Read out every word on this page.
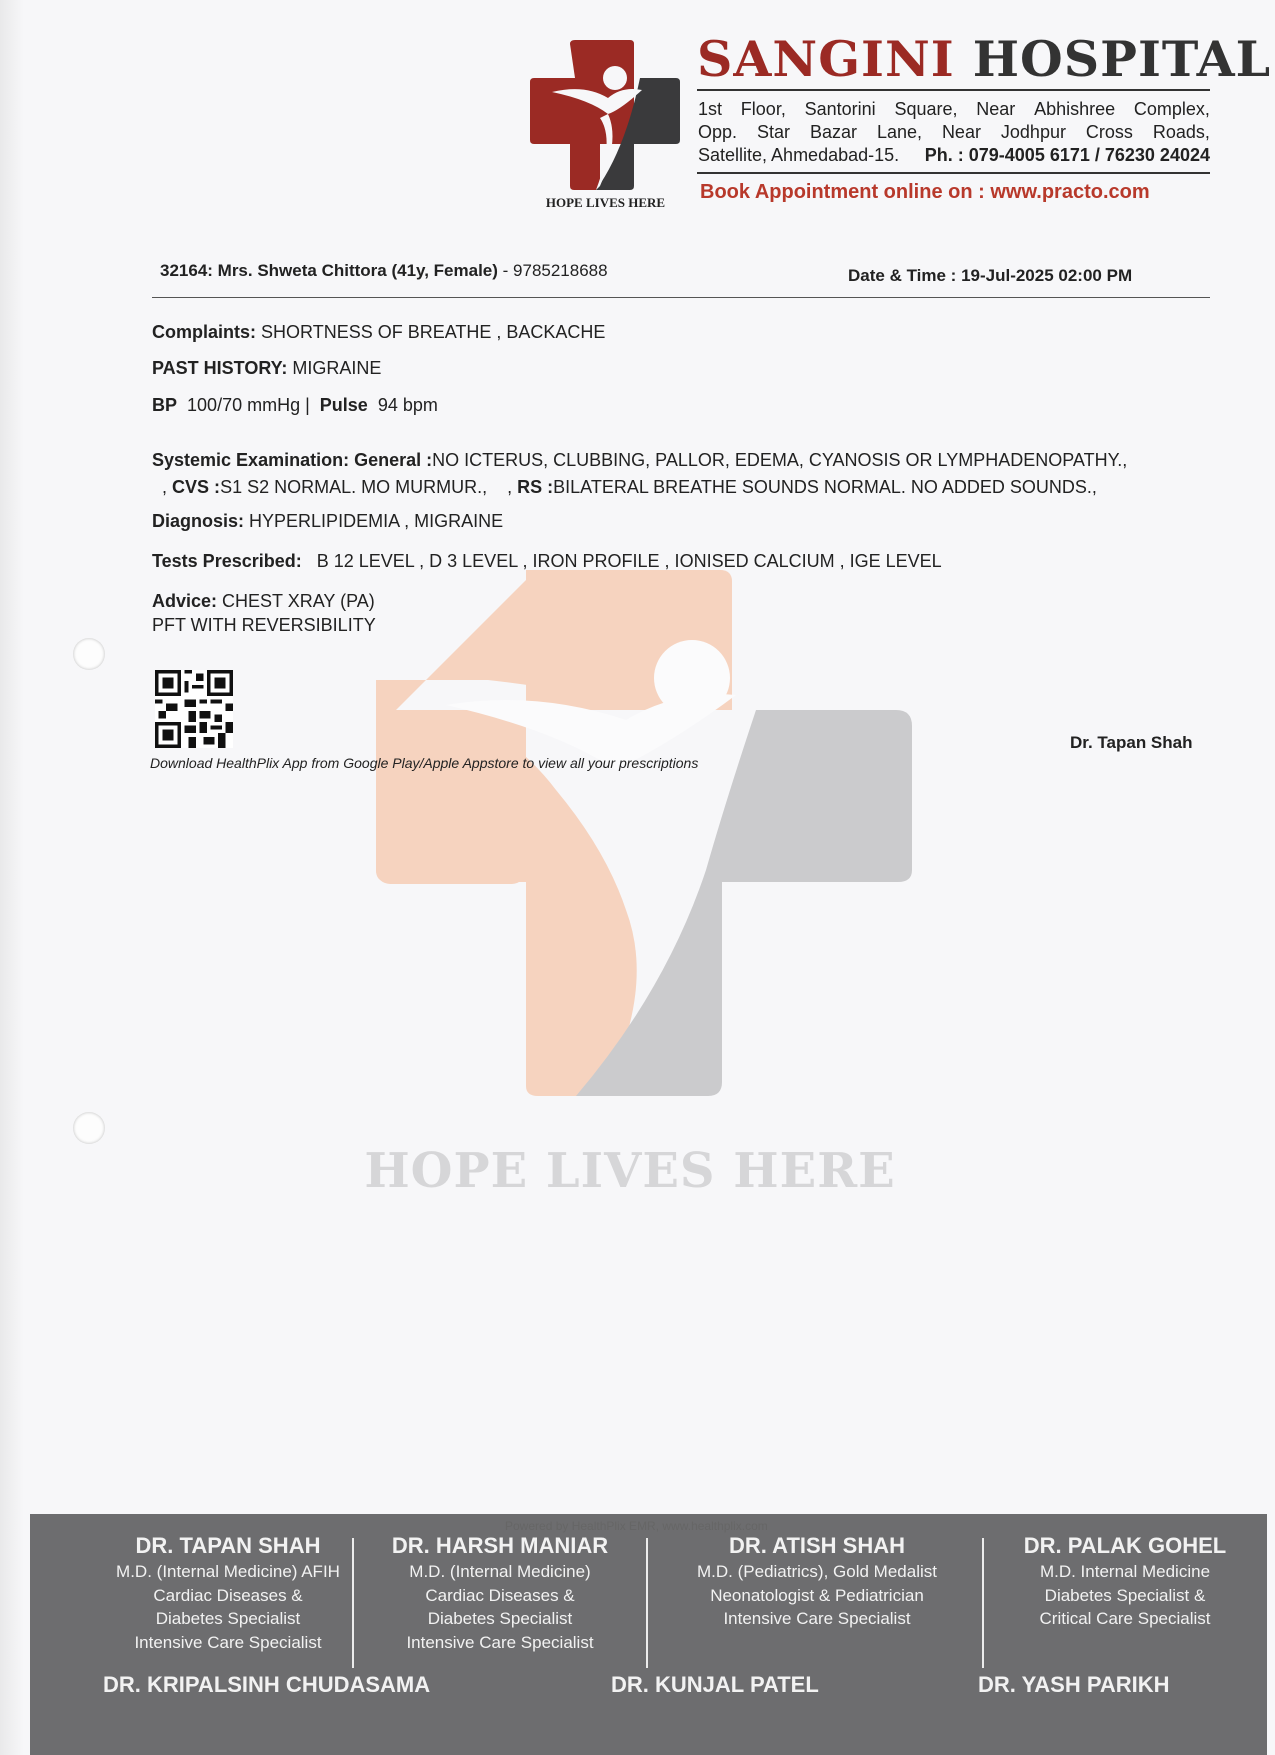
HOPE LIVES HERE
HOPE LIVES HERE
SANGINI HOSPITAL
1st Floor, Santorini Square, Near Abhishree Complex,
Opp. Star Bazar Lane, Near Jodhpur Cross Roads,
Satellite, Ahmedabad-15. Ph. : 079-4005 6171 / 76230 24024
Book Appointment online on : www.practo.com
32164: Mrs. Shweta Chittora (41y, Female) - 9785218688	Date & Time : 19-Jul-2025 02:00 PM
Complaints: SHORTNESS OF BREATHE , BACKACHE
PAST HISTORY: MIGRAINE
BP 100/70 mmHg | Pulse 94 bpm
Systemic Examination: General :NO ICTERUS, CLUBBING, PALLOR, EDEMA, CYANOSIS OR LYMPHADENOPATHY.,
, CVS :S1 S2 NORMAL. MO MURMUR., , RS :BILATERAL BREATHE SOUNDS NORMAL. NO ADDED SOUNDS.,
Diagnosis: HYPERLIPIDEMIA , MIGRAINE
Tests Prescribed: B 12 LEVEL , D 3 LEVEL , IRON PROFILE , IONISED CALCIUM , IGE LEVEL
Advice: CHEST XRAY (PA)
PFT WITH REVERSIBILITY
Download HealthPlix App from Google Play/Apple Appstore to view all your prescriptions
Dr. Tapan Shah
DR. TAPAN SHAH
M.D. (Internal Medicine) AFIH
Cardiac Diseases &
Diabetes Specialist
Intensive Care Specialist
DR. HARSH MANIAR
M.D. (Internal Medicine)
Cardiac Diseases &
Diabetes Specialist
Intensive Care Specialist
DR. ATISH SHAH
M.D. (Pediatrics), Gold Medalist
Neonatologist & Pediatrician
Intensive Care Specialist
DR. PALAK GOHEL
M.D. Internal Medicine
Diabetes Specialist &
Critical Care Specialist
DR. KRIPALSINH CHUDASAMA	DR. KUNJAL PATEL	DR. YASH PARIKH
Powered by HealthPlix EMR, www.healthplix.com
